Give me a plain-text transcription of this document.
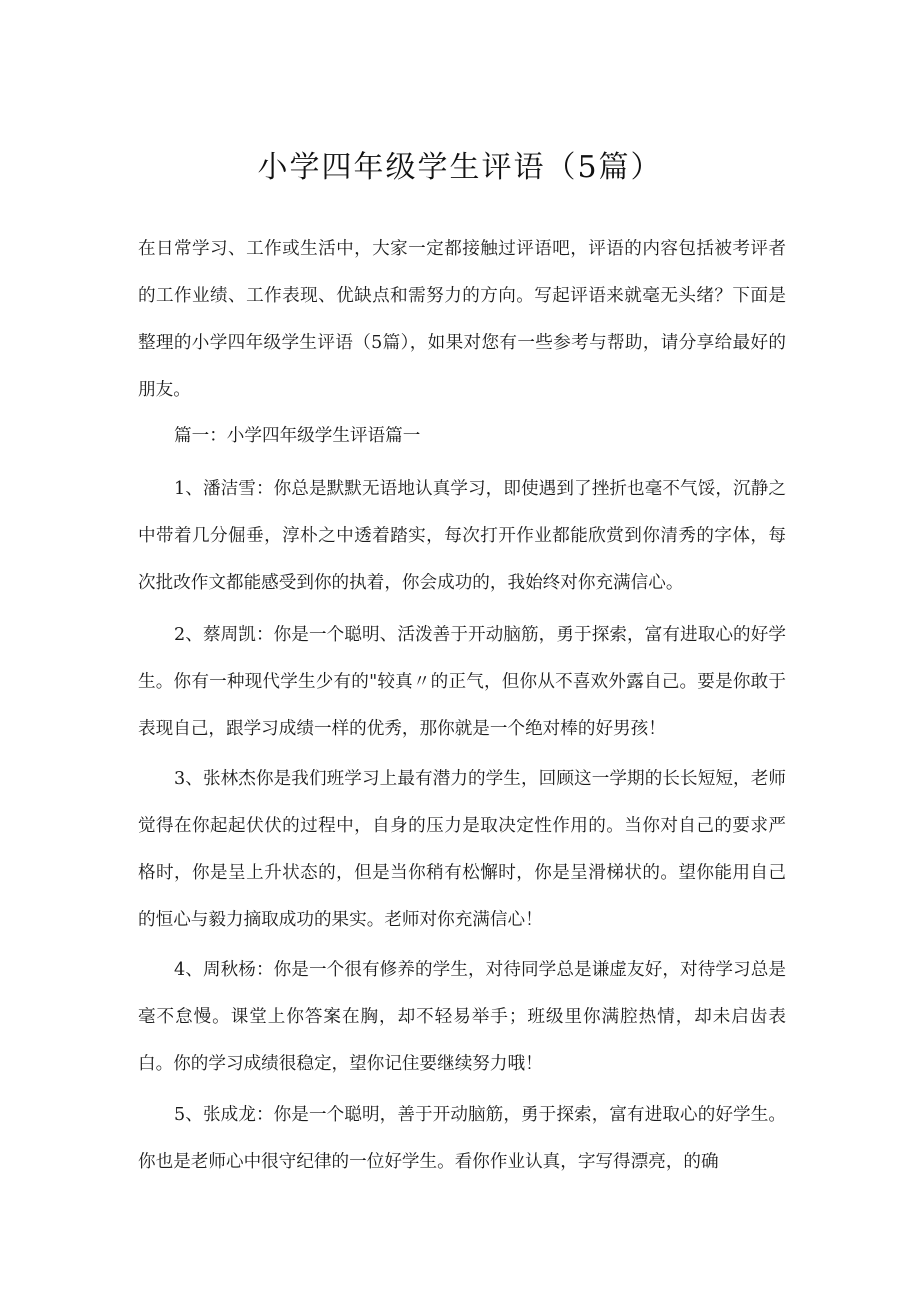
小学四年级学生评语（5篇）

在日常学习、工作或生活中，大家一定都接触过评语吧，评语的内容包括被考评者的工作业绩、工作表现、优缺点和需努力的方向。写起评语来就毫无头绪？下面是整理的小学四年级学生评语（5篇），如果对您有一些参考与帮助，请分享给最好的朋友。

篇一：小学四年级学生评语篇一

1、潘洁雪：你总是默默无语地认真学习，即使遇到了挫折也毫不气馁，沉静之中带着几分倔垂，淳朴之中透着踏实，每次打开作业都能欣赏到你清秀的字体，每次批改作文都能感受到你的执着，你会成功的，我始终对你充满信心。

2、蔡周凯：你是一个聪明、活泼善于开动脑筋，勇于探索，富有进取心的好学生。你有一种现代学生少有的"较真〃的正气，但你从不喜欢外露自己。要是你敢于表现自己，跟学习成绩一样的优秀，那你就是一个绝对棒的好男孩！

3、张林杰你是我们班学习上最有潜力的学生，回顾这一学期的长长短短，老师觉得在你起起伏伏的过程中，自身的压力是取决定性作用的。当你对自己的要求严格时，你是呈上升状态的，但是当你稍有松懈时，你是呈滑梯状的。望你能用自己的恒心与毅力摘取成功的果实。老师对你充满信心！

4、周秋杨：你是一个很有修养的学生，对待同学总是谦虚友好，对待学习总是毫不怠慢。课堂上你答案在胸，却不轻易举手；班级里你满腔热情，却未启齿表白。你的学习成绩很稳定，望你记住要继续努力哦！

5、张成龙：你是一个聪明，善于开动脑筋，勇于探索，富有进取心的好学生。你也是老师心中很守纪律的一位好学生。看你作业认真，字写得漂亮，的确
